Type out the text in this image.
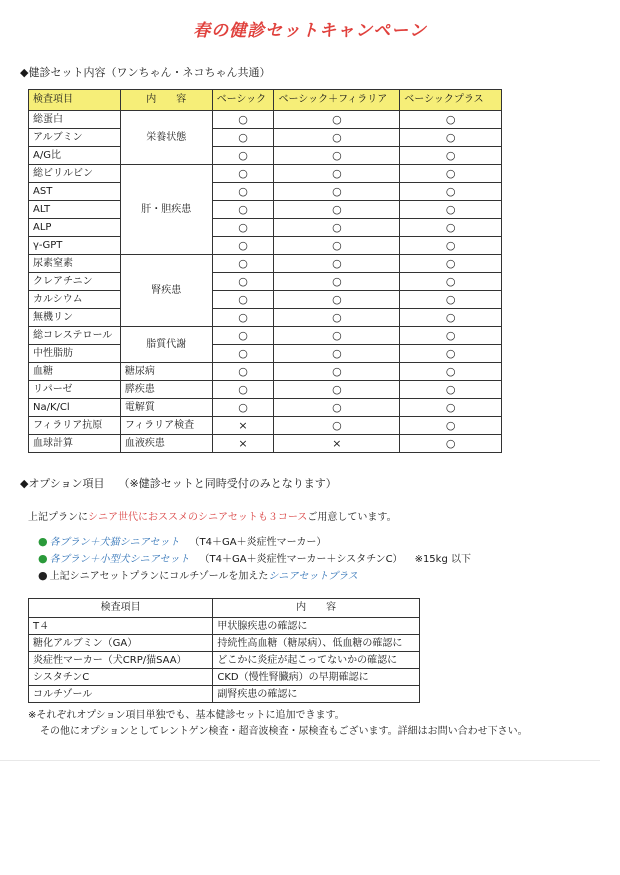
春の健診セットキャンペーン
◆健診セット内容（ワンちゃん・ネコちゃん共通）
検査項目	内　　容	ベーシック	ベーシック＋フィラリア	ベーシックプラス
総蛋白	栄養状態	○	○	○
アルブミン		○	○	○
A/G比		○	○	○
総ビリルビン	肝・胆疾患	○	○	○
AST		○	○	○
ALT		○	○	○
ALP		○	○	○
γ-GPT		○	○	○
尿素窒素	腎疾患	○	○	○
クレアチニン		○	○	○
カルシウム		○	○	○
無機リン		○	○	○
総コレステロール	脂質代謝	○	○	○
中性脂肪		○	○	○
血糖	糖尿病	○	○	○
リパーゼ	膵疾患	○	○	○
Na/K/Cl	電解質	○	○	○
フィラリア抗原	フィラリア検査	×	○	○
血球計算	血液疾患	×	×	○
◆オプション項目 （※健診セットと同時受付のみとなります）
上記プランにシニア世代におススメのシニアセットも３コースご用意しています。
● 各プラン＋犬猫シニアセット （T4＋GA＋炎症性マーカー）
● 各プラン＋小型犬シニアセット （T4＋GA＋炎症性マーカー＋シスタチンC） ※15kg 以下
● 上記シニアセットプランにコルチゾールを加えたシニアセットプラス
検査項目	内　　容
T４	甲状腺疾患の確認に
糖化アルブミン（GA）	持続性高血糖（糖尿病）、低血糖の確認に
炎症性マーカー（犬CRP/猫SAA）	どこかに炎症が起こってないかの確認に
シスタチンC	CKD（慢性腎臓病）の早期確認に
コルチゾール	副腎疾患の確認に
※それぞれオプション項目単独でも、基本健診セットに追加できます。
その他にオプションとしてレントゲン検査・超音波検査・尿検査もございます。詳細はお問い合わせ下さい。
